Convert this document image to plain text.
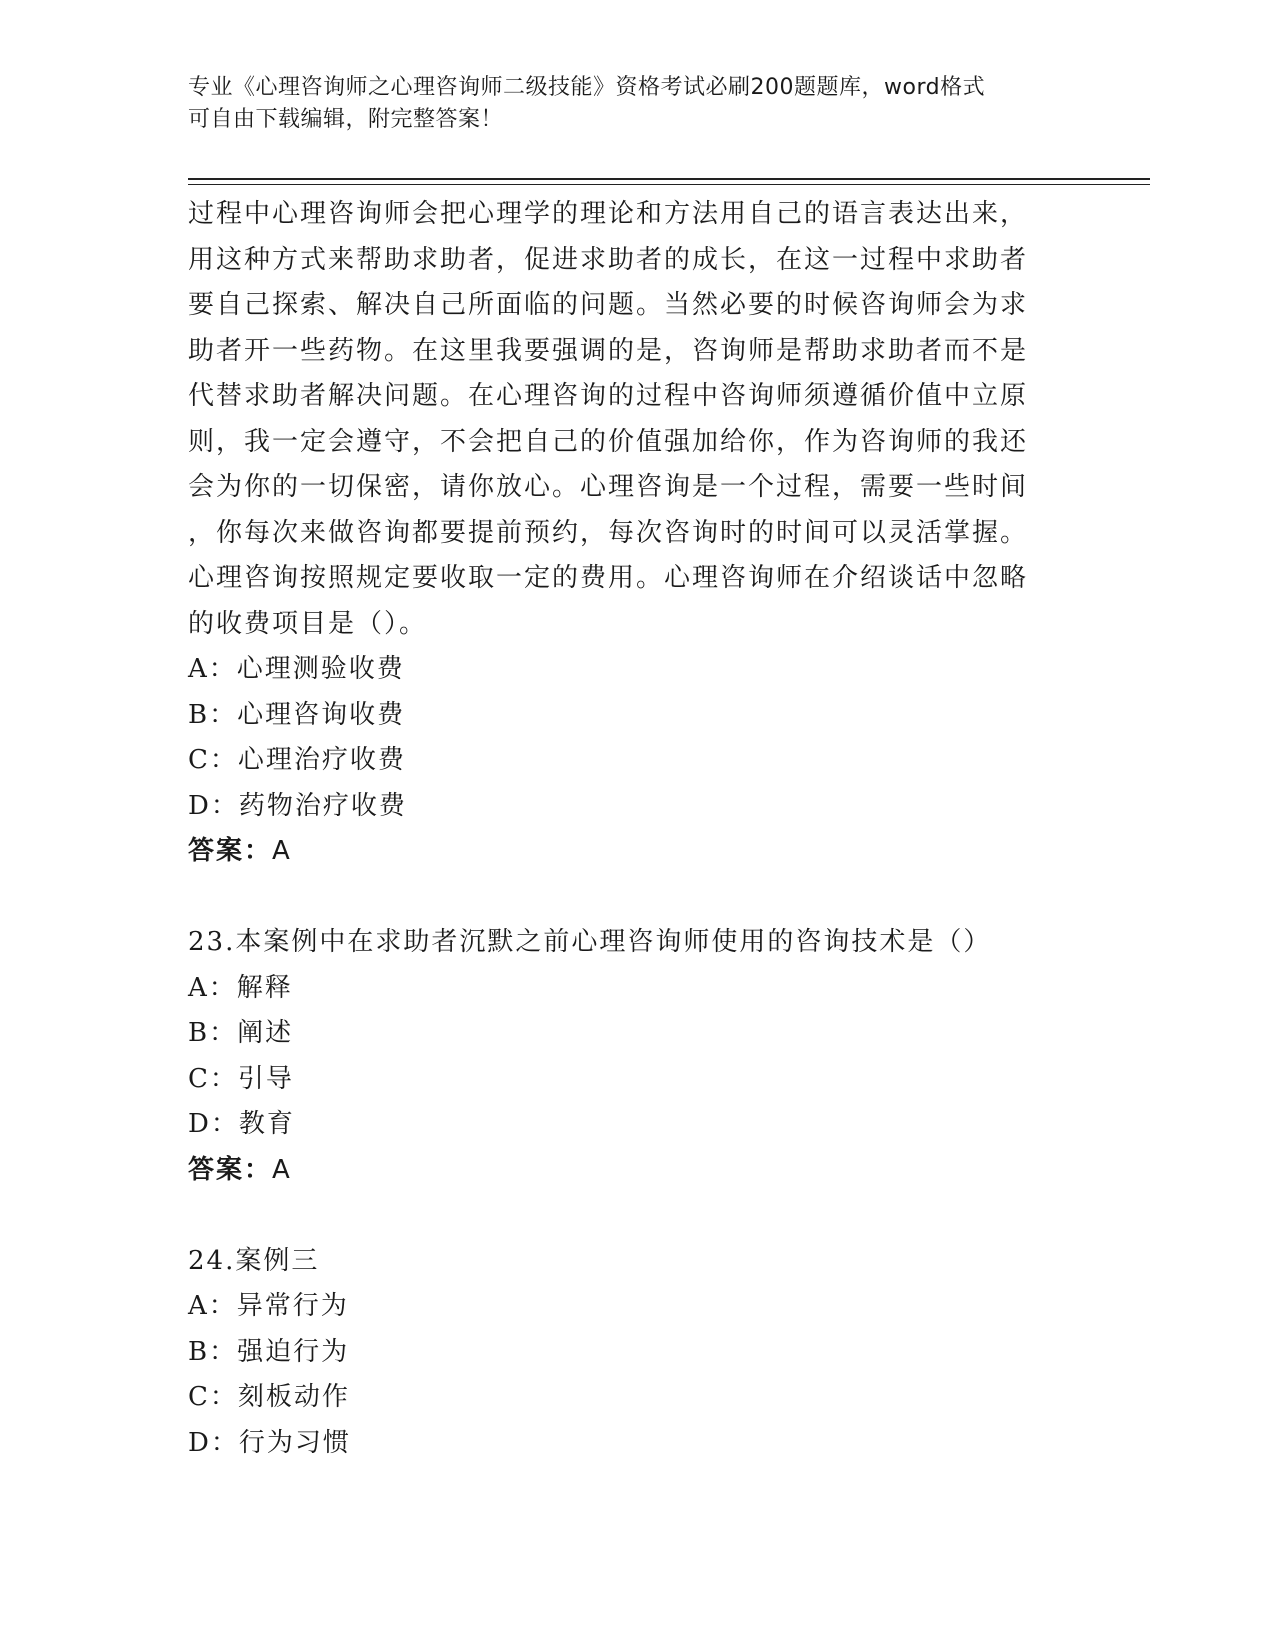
专业《心理咨询师之心理咨询师二级技能》资格考试必刷200题题库，word格式
可自由下载编辑，附完整答案！
过程中心理咨询师会把心理学的理论和方法用自己的语言表达出来，
用这种方式来帮助求助者，促进求助者的成长，在这一过程中求助者
要自己探索、解决自己所面临的问题。当然必要的时候咨询师会为求
助者开一些药物。在这里我要强调的是，咨询师是帮助求助者而不是
代替求助者解决问题。在心理咨询的过程中咨询师须遵循价值中立原
则，我一定会遵守，不会把自己的价值强加给你，作为咨询师的我还
会为你的一切保密，请你放心。心理咨询是一个过程，需要一些时间
，你每次来做咨询都要提前预约，每次咨询时的时间可以灵活掌握。
心理咨询按照规定要收取一定的费用。心理咨询师在介绍谈话中忽略
的收费项目是（）。
A：心理测验收费
B：心理咨询收费
C：心理治疗收费
D：药物治疗收费
答案：A
23.本案例中在求助者沉默之前心理咨询师使用的咨询技术是（）
A：解释
B：阐述
C：引导
D：教育
答案：A
24.案例三
A：异常行为
B：强迫行为
C：刻板动作
D：行为习惯
